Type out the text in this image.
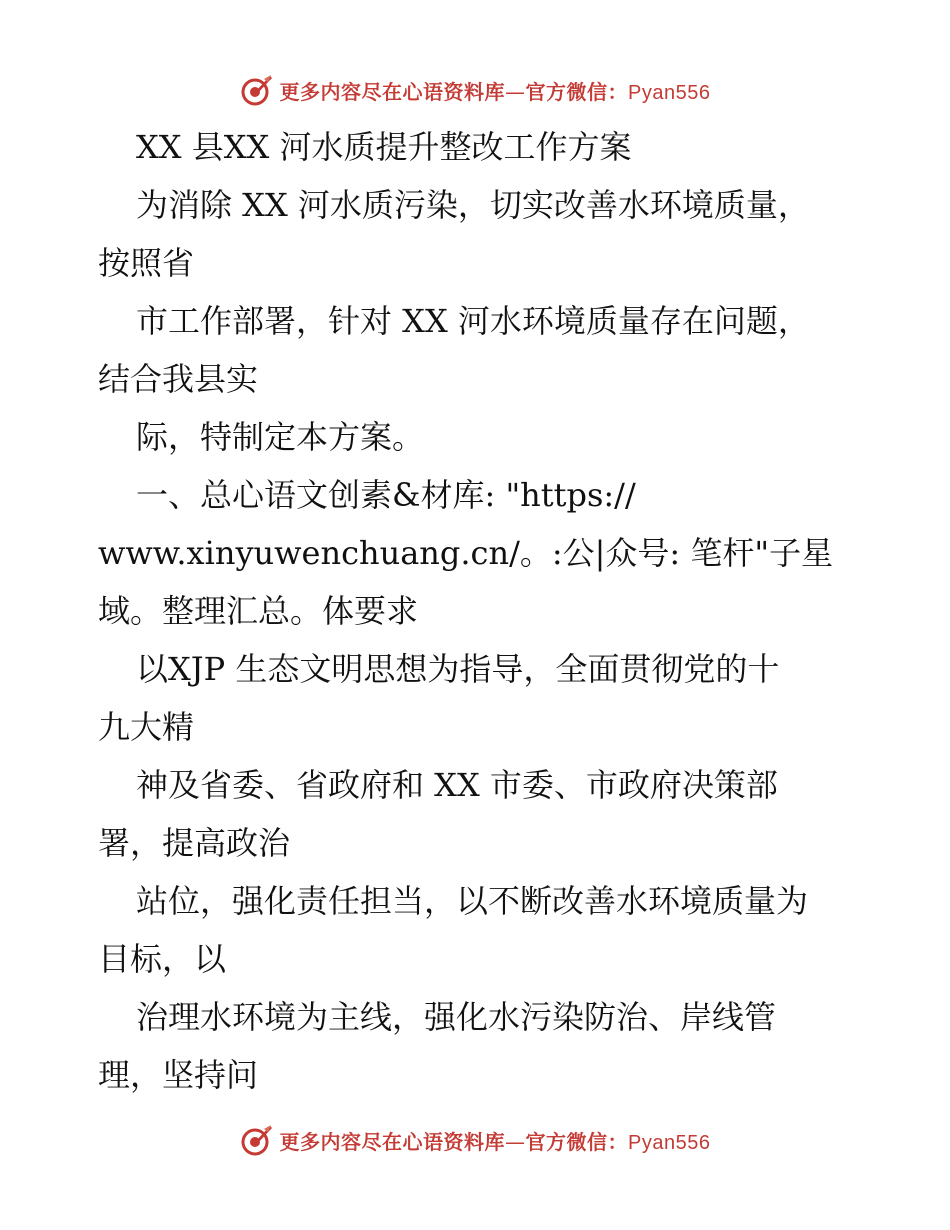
更多内容尽在心语资料库—官方微信：Pyan556
XX 县XX 河水质提升整改工作方案
为消除 XX 河水质污染，切实改善水环境质量，
按照省
市工作部署，针对 XX 河水环境质量存在问题，
结合我县实
际，特制定本方案。
一、总心语文创素&材库: "https://
www.xinyuwenchuang.cn/。:公|众号: 笔杆"子星
域。整理汇总。体要求
以XJP 生态文明思想为指导，全面贯彻党的十
九大精
神及省委、省政府和 XX 市委、市政府决策部
署，提高政治
站位，强化责任担当，以不断改善水环境质量为
目标，以
治理水环境为主线，强化水污染防治、岸线管
理，坚持问
更多内容尽在心语资料库—官方微信：Pyan556
